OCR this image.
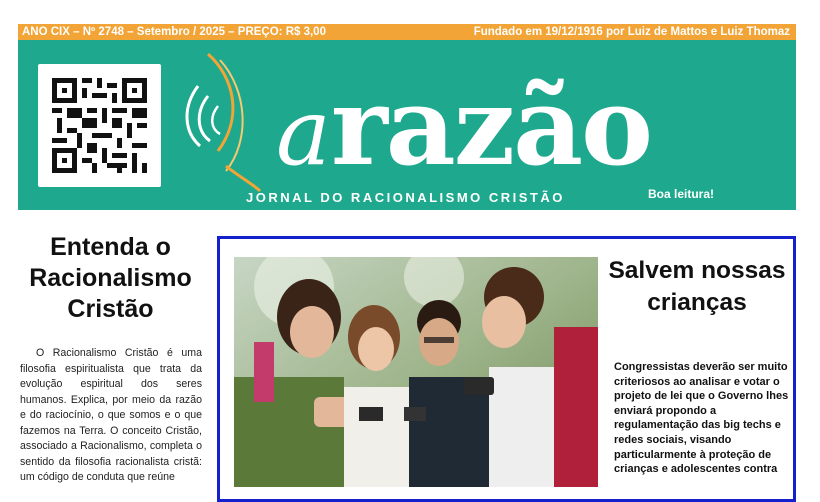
ANO CIX – Nº 2748 – Setembro / 2025 – PREÇO: R$ 3,00	Fundado em 19/12/1916 por Luiz de Mattos e Luiz Thomaz
arazão
JORNAL DO RACIONALISMO CRISTÃO	Boa leitura!
Entenda o Racionalismo Cristão
O Racionalismo Cristão é uma filosofia espiritualista que trata da evolução espiritual dos seres humanos. Explica, por meio da razão e do raciocínio, o que somos e o que fazemos na Terra. O conceito Cristão, associado a Racionalismo, completa o sentido da filosofia racionalista cristã: um código de conduta que reúne
Salvem nossas crianças
Congressistas deverão ser muito criteriosos ao analisar e votar o projeto de lei que o Governo lhes enviará propondo a regulamentação das big techs e redes sociais, visando particularmente à proteção de crianças e adolescentes contra
